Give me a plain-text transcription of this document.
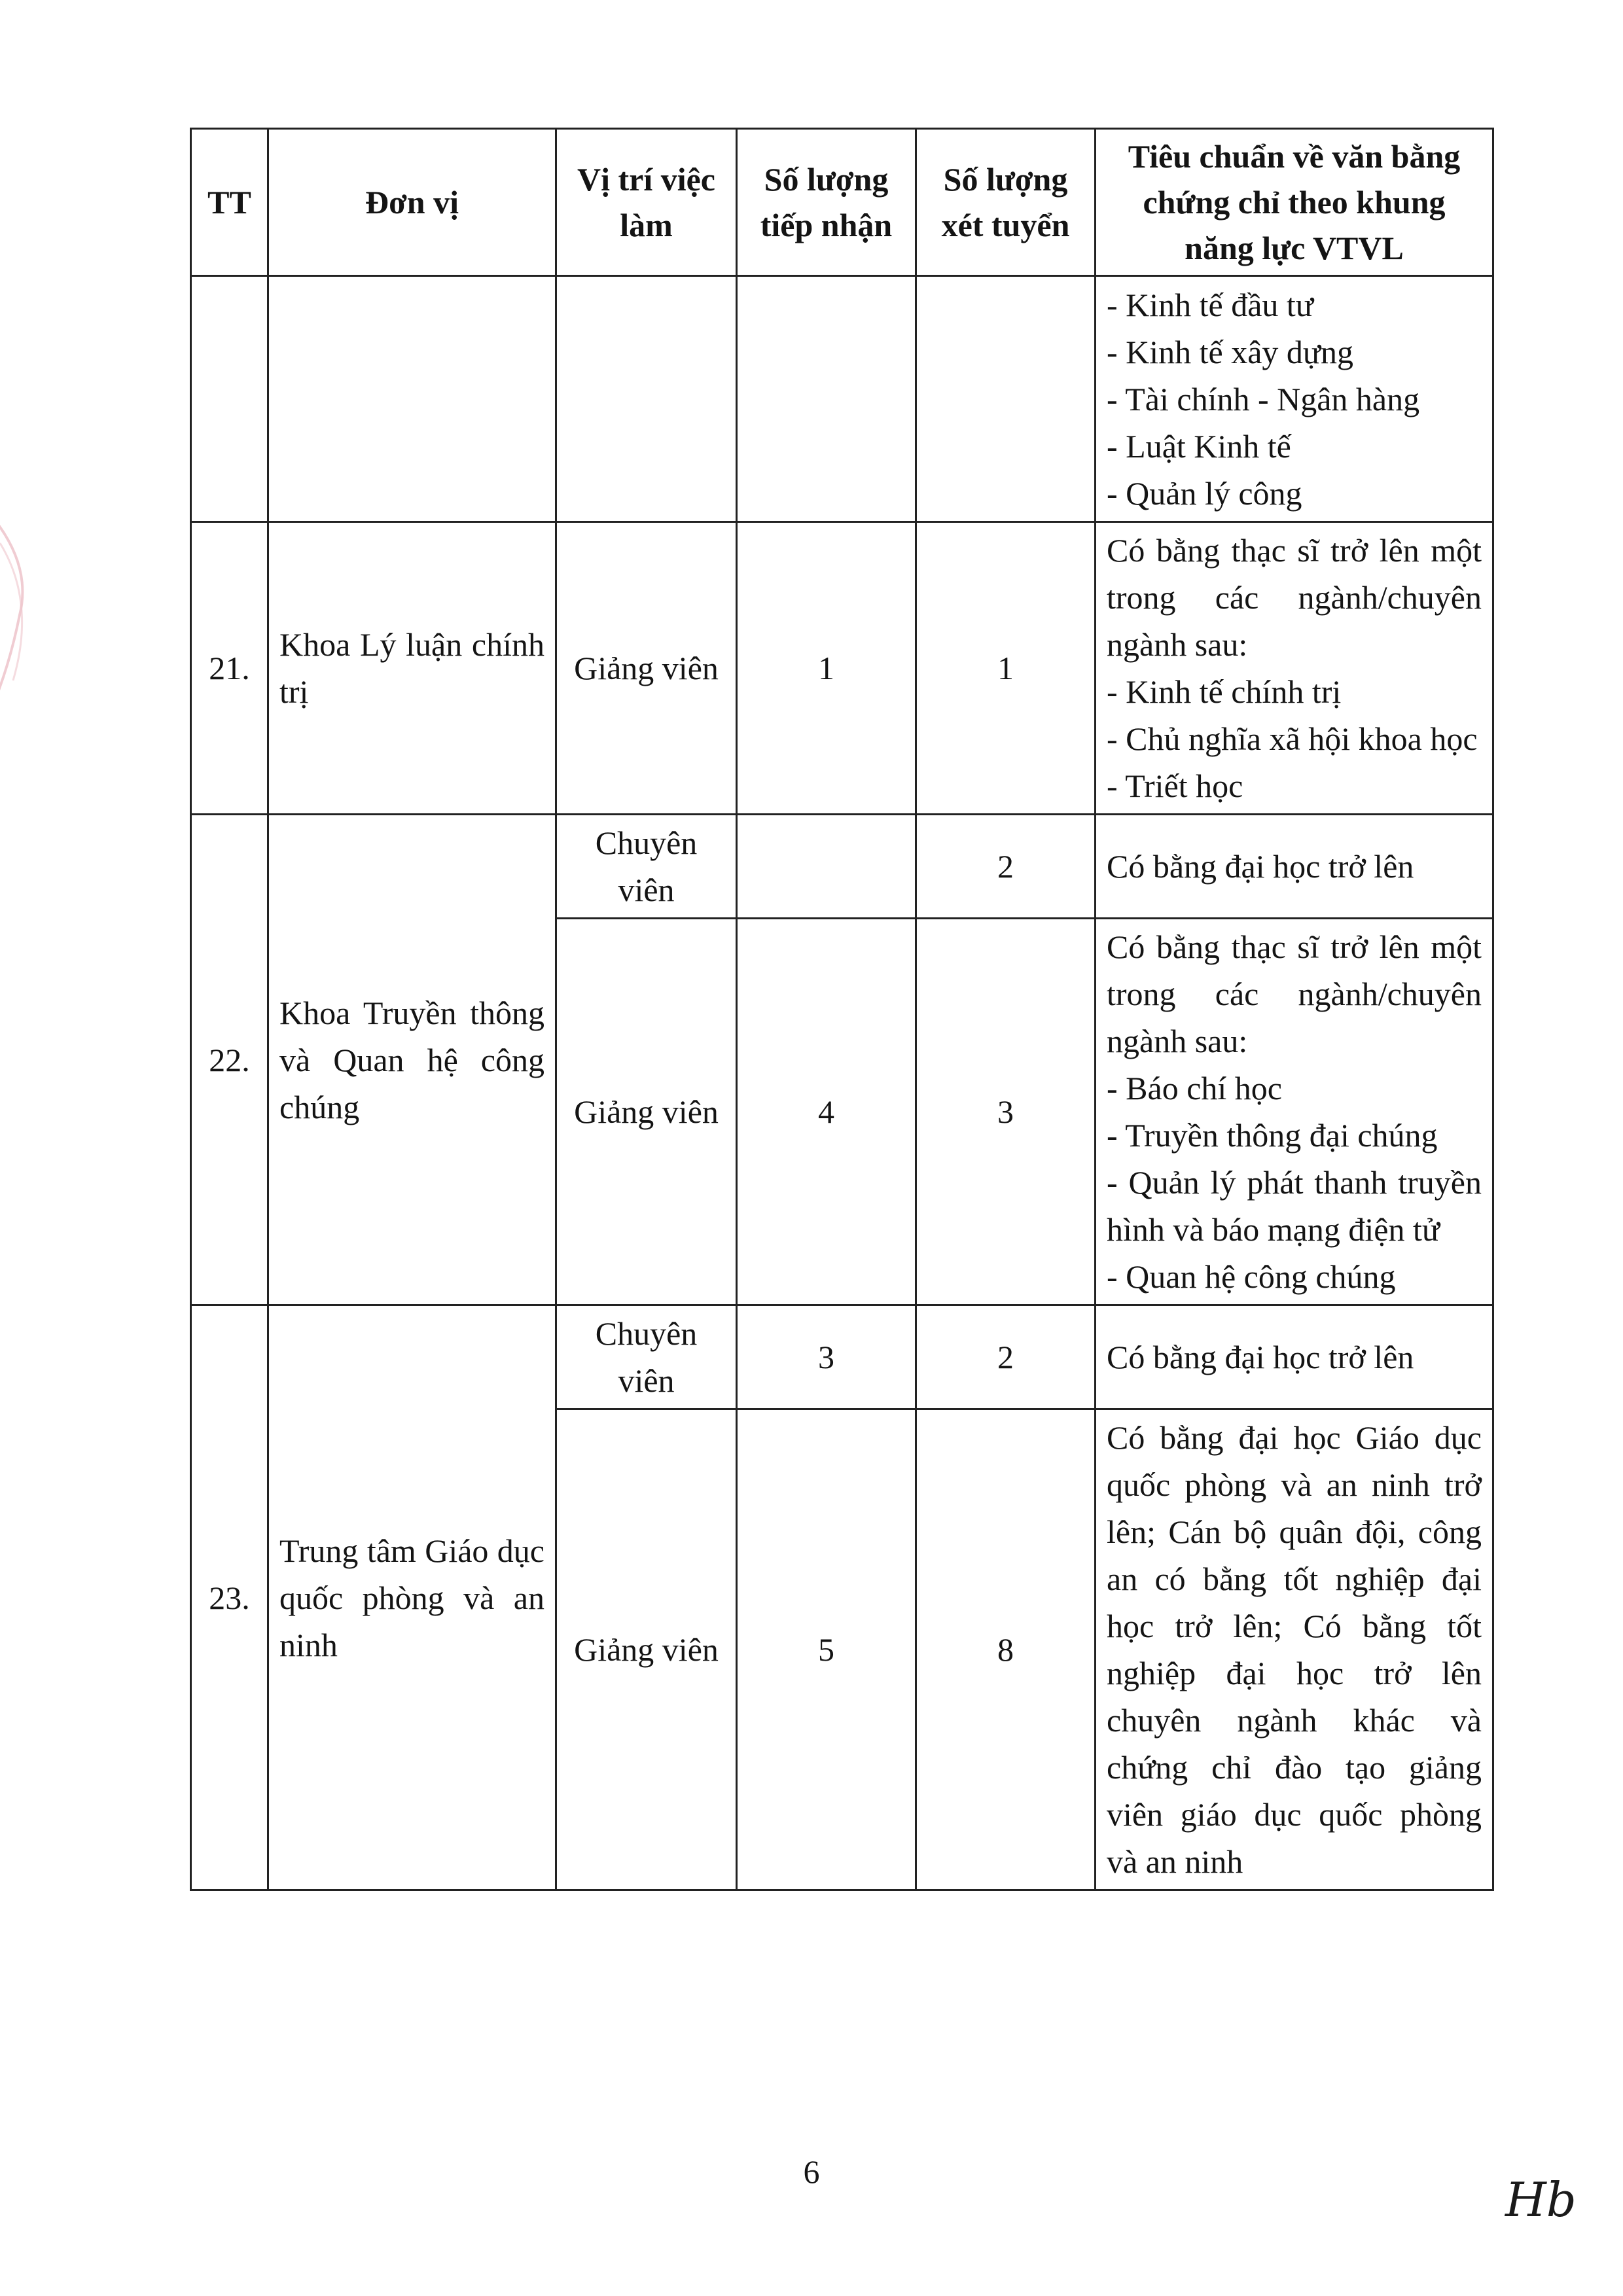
TT	Đơn vị	Vị trí việc làm	Số lượng tiếp nhận	Số lượng xét tuyển	Tiêu chuẩn về văn bằng chứng chỉ theo khung năng lực VTVL

					- Kinh tế đầu tư
- Kinh tế xây dựng
- Tài chính - Ngân hàng
- Luật Kinh tế
- Quản lý công

21.	Khoa Lý luận chính trị	Giảng viên	1	1	Có bằng thạc sĩ trở lên một trong các ngành/chuyên ngành sau:
- Kinh tế chính trị
- Chủ nghĩa xã hội khoa học
- Triết học

22.	Khoa Truyền thông và Quan hệ công chúng	Chuyên viên		2	Có bằng đại học trở lên
		Giảng viên	4	3	Có bằng thạc sĩ trở lên một trong các ngành/chuyên ngành sau:
- Báo chí học
- Truyền thông đại chúng
- Quản lý phát thanh truyền hình và báo mạng điện tử
- Quan hệ công chúng

23.	Trung tâm Giáo dục quốc phòng và an ninh	Chuyên viên	3	2	Có bằng đại học trở lên
		Giảng viên	5	8	Có bằng đại học Giáo dục quốc phòng và an ninh trở lên; Cán bộ quân đội, công an có bằng tốt nghiệp đại học trở lên; Có bằng tốt nghiệp đại học trở lên chuyên ngành khác và chứng chỉ đào tạo giảng viên giáo dục quốc phòng và an ninh
6
Hb
